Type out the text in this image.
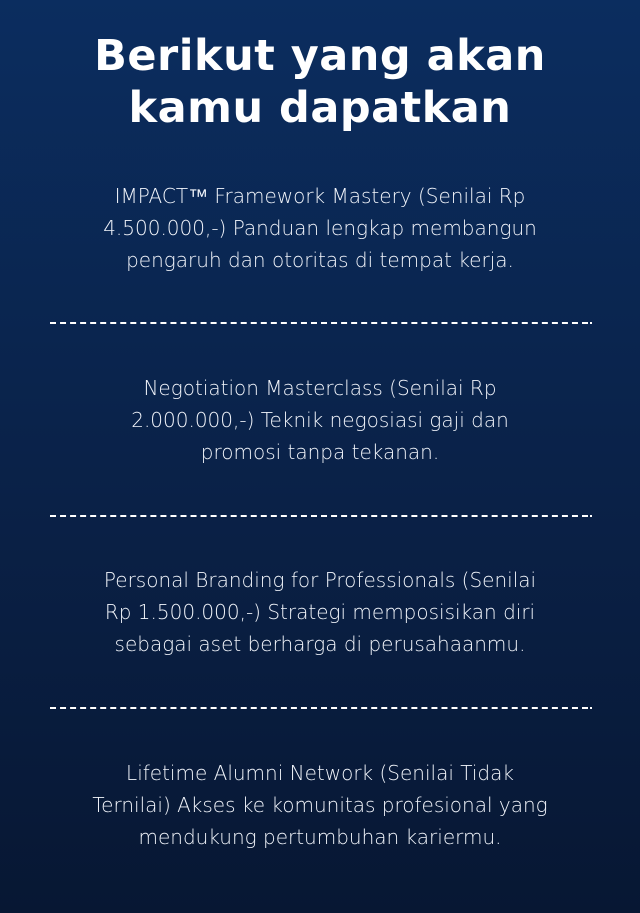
Berikut yang akan
kamu dapatkan

IMPACT™ Framework Mastery (Senilai Rp
4.500.000,-) Panduan lengkap membangun
pengaruh dan otoritas di tempat kerja.

Negotiation Masterclass (Senilai Rp
2.000.000,-) Teknik negosiasi gaji dan
promosi tanpa tekanan.

Personal Branding for Professionals (Senilai
Rp 1.500.000,-) Strategi memposisikan diri
sebagai aset berharga di perusahaanmu.

Lifetime Alumni Network (Senilai Tidak
Ternilai) Akses ke komunitas profesional yang
mendukung pertumbuhan kariermu.
